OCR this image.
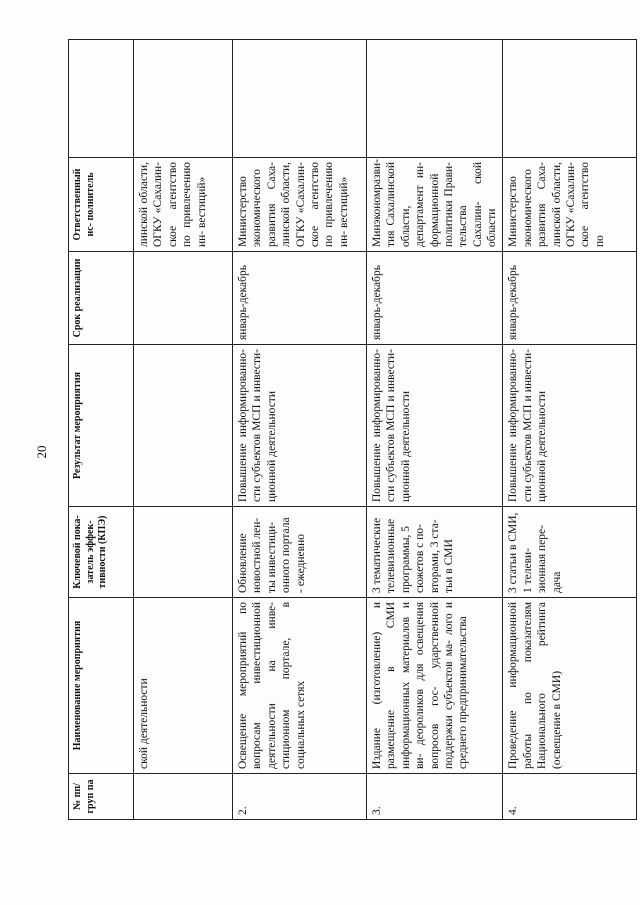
20
№ пп/ груп па	Наименование мероприятия	Ключевой пока- затель эффек- тивности (КПЭ)	Результат мероприятия	Срок реализации	Ответственный ис- полнитель	
	ской деятельности				линской области, ОГКУ «Сахалин- ское агентство по привлечению ин- вестиций»	
2.	Освещение мероприятий по вопросам инвестиционной деятельности на инве- стиционном портале, в социальных сетях	Обновление новостной лен- ты инвестици- онного портала - ежедневно	Повышение информированно- сти субъектов МСП и инвести- ционной деятельности	январь-декабрь	Министерство экономического развития Саха- линской области, ОГКУ «Сахалин- ское агентство по привлечению ин- вестиций»	
3.	Издание (изготовление) и размещение в СМИ информационных материалов и ви- деороликов для освещения вопросов гос- ударственной поддержки субъектов ма- лого и среднего предпринимательства	3 тематические телевизионные программы, 5 сюжетов с по- вторами, 3 ста- тьи в СМИ	Повышение информированно- сти субъектов МСП и инвести- ционной деятельности	январь-декабрь	Минэкономразви- тия Сахалинской области, департамент ин- формационной политики Прави- тельства Сахалин- ской области	
4.	Проведение информационной работы по показателям Национального рейтинга (освещение в СМИ)	3 статьи в СМИ, 1 телеви- зионная пере- дача	Повышение информированно- сти субъектов МСП и инвести- ционной деятельности	январь-декабрь	Министерство экономического развития Саха- линской области, ОГКУ «Сахалин- ское агентство по	
